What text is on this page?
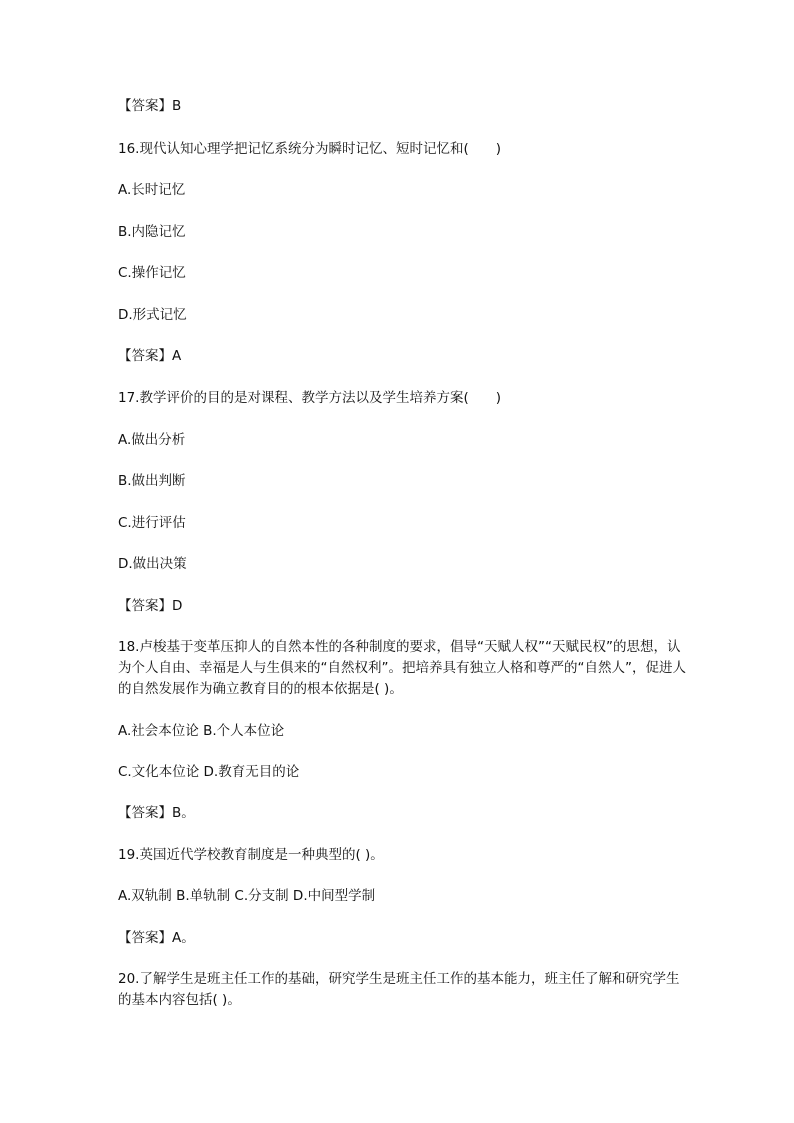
【答案】B

16.现代认知心理学把记忆系统分为瞬时记忆、短时记忆和(　　)

A.长时记忆

B.内隐记忆

C.操作记忆

D.形式记忆

【答案】A

17.教学评价的目的是对课程、教学方法以及学生培养方案(　　)

A.做出分析

B.做出判断

C.进行评估

D.做出决策

【答案】D

18.卢梭基于变革压抑人的自然本性的各种制度的要求，倡导“天赋人权”“天赋民权”的思想，认为个人自由、幸福是人与生俱来的“自然权利”。把培养具有独立人格和尊严的“自然人”，促进人的自然发展作为确立教育目的的根本依据是( )。

A.社会本位论 B.个人本位论

C.文化本位论 D.教育无目的论

【答案】B。

19.英国近代学校教育制度是一种典型的( )。

A.双轨制 B.单轨制 C.分支制 D.中间型学制

【答案】A。

20.了解学生是班主任工作的基础，研究学生是班主任工作的基本能力，班主任了解和研究学生的基本内容包括( )。
